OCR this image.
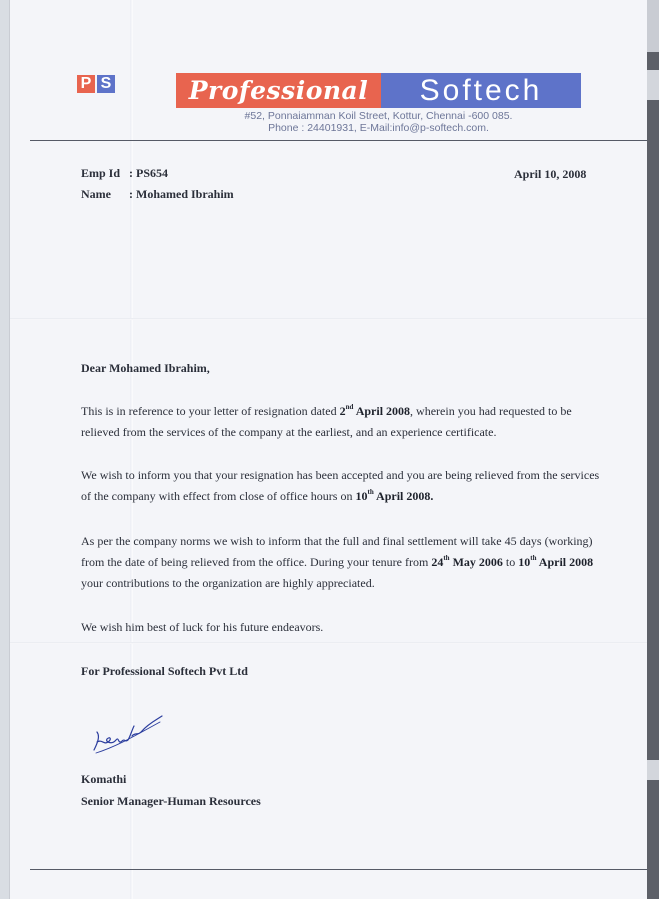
P S	Professional	Softech
#52, Ponnaiamman Koil Street, Kottur, Chennai -600 085.
Phone : 24401931, E-Mail:info@p-softech.com.
Emp Id : PS654
Name : Mohamed Ibrahim
April 10, 2008
Dear Mohamed Ibrahim,
This is in reference to your letter of resignation dated 2nd April 2008, wherein you had requested to be relieved from the services of the company at the earliest, and an experience certificate.
We wish to inform you that your resignation has been accepted and you are being relieved from the services of the company with effect from close of office hours on 10th April 2008.
As per the company norms we wish to inform that the full and final settlement will take 45 days (working) from the date of being relieved from the office. During your tenure from 24th May 2006 to 10th April 2008 your contributions to the organization are highly appreciated.
We wish him best of luck for his future endeavors.
For Professional Softech Pvt Ltd
Komathi
Senior Manager-Human Resources
